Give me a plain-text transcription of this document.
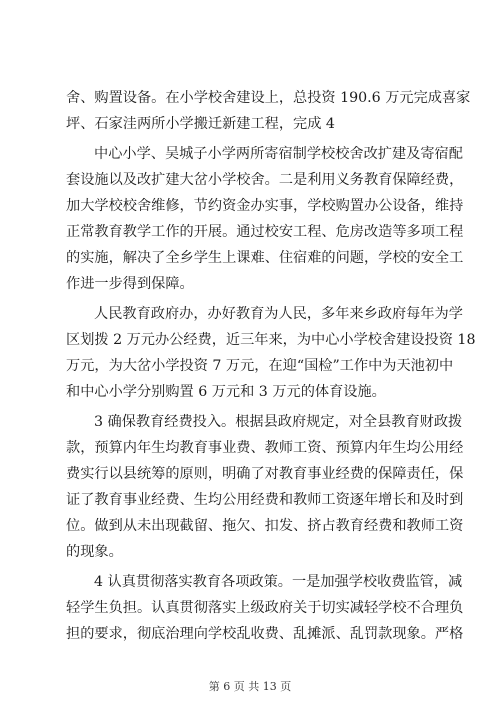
舍、购置设备。在小学校舍建设上，总投资 190.6 万元完成喜家
坪、石家洼两所小学搬迁新建工程，完成 4
中心小学、吴城子小学两所寄宿制学校校舍改扩建及寄宿配
套设施以及改扩建大岔小学校舍。二是利用义务教育保障经费，
加大学校校舍维修，节约资金办实事，学校购置办公设备，维持
正常教育教学工作的开展。通过校安工程、危房改造等多项工程
的实施，解决了全乡学生上课难、住宿难的问题，学校的安全工
作进一步得到保障。
人民教育政府办，办好教育为人民，多年来乡政府每年为学
区划拨 2 万元办公经费，近三年来，为中心小学校舍建设投资 18
万元，为大岔小学投资 7 万元，在迎“国检”工作中为天池初中
和中心小学分别购置 6 万元和 3 万元的体育设施。
3 确保教育经费投入。根据县政府规定，对全县教育财政拨
款，预算内年生均教育事业费、教师工资、预算内年生均公用经
费实行以县统筹的原则，明确了对教育事业经费的保障责任，保
证了教育事业经费、生均公用经费和教师工资逐年增长和及时到
位。做到从未出现截留、拖欠、扣发、挤占教育经费和教师工资
的现象。
4 认真贯彻落实教育各项政策。一是加强学校收费监管，减
轻学生负担。认真贯彻落实上级政府关于切实减轻学校不合理负
担的要求，彻底治理向学校乱收费、乱摊派、乱罚款现象。严格
第 6 页 共 13 页
